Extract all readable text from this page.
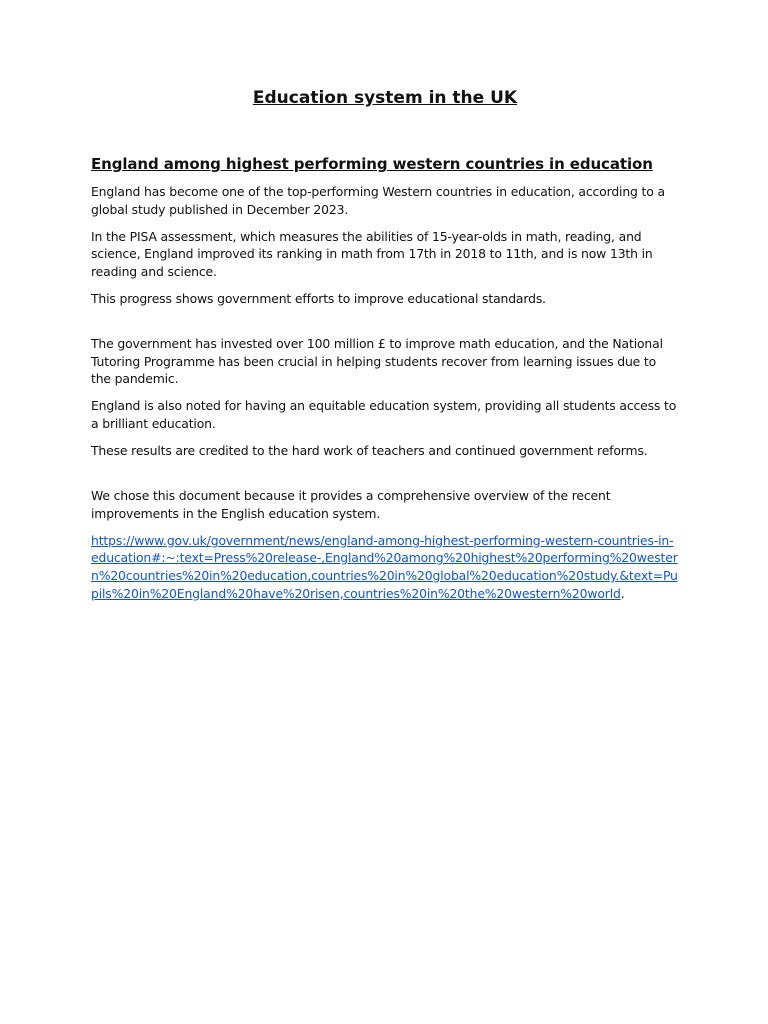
Education system in the UK
England among highest performing western countries in education

England has become one of the top-performing Western countries in education, according to a global study published in December 2023.

In the PISA assessment, which measures the abilities of 15-year-olds in math, reading, and science, England improved its ranking in math from 17th in 2018 to 11th, and is now 13th in reading and science.

This progress shows government efforts to improve educational standards.

The government has invested over 100 million £ to improve math education, and the National Tutoring Programme has been crucial in helping students recover from learning issues due to the pandemic.

England is also noted for having an equitable education system, providing all students access to a brilliant education.

These results are credited to the hard work of teachers and continued government reforms.

We chose this document because it provides a comprehensive overview of the recent improvements in the English education system.

https://www.gov.uk/government/news/england-among-highest-performing-western-countries-in-education#:~:text=Press%20release-,England%20among%20highest%20performing%20western%20countries%20in%20education,countries%20in%20global%20education%20study.&text=Pupils%20in%20England%20have%20risen,countries%20in%20the%20western%20world.
